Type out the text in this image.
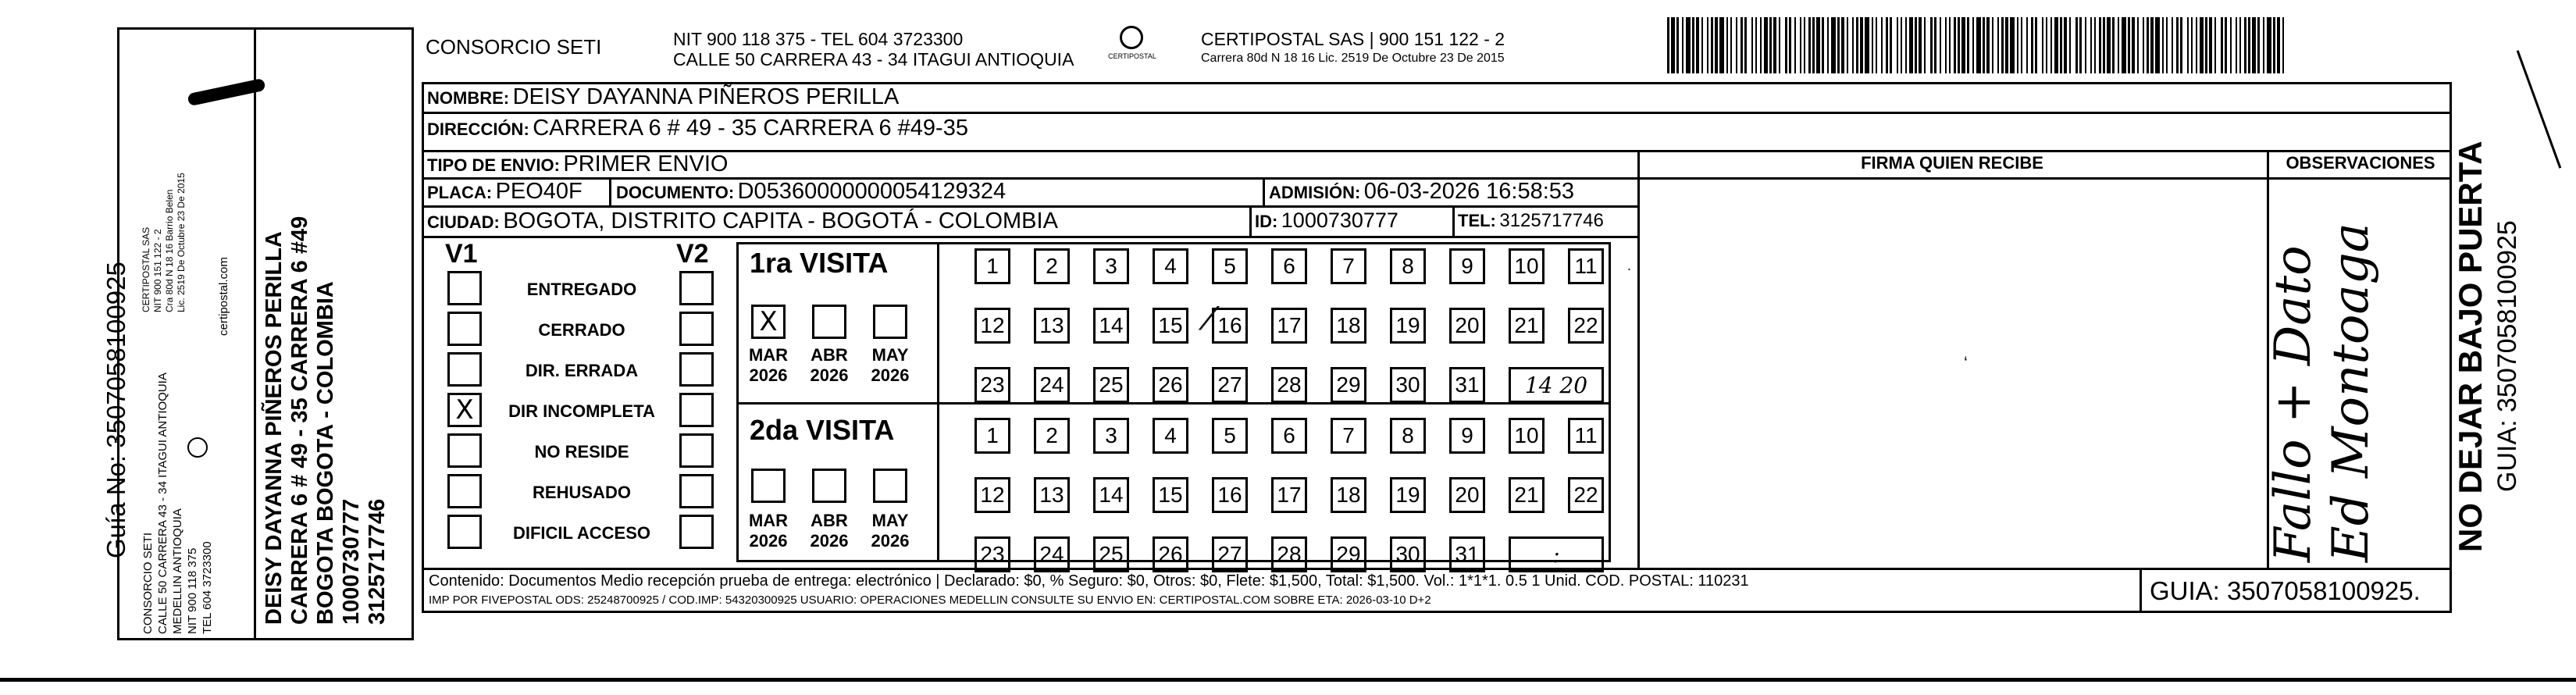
Guía No: 3507058100925
CONSORCIO SETI CALLE 50 CARRERA 43 - 34 ITAGUI ANTIOQUIA MEDELLIN ANTIOQUIA NIT 900 118 375 TEL 604 3723300
CERTIPOSTAL SAS NIT 900 151 122 - 2 Cra 80d N 18 16 Barrio Belen Lic. 2519 De Octubre 23 De 2015	certipostal.com DEISY DAYANNA PIÑEROS PERILLA CARRERA 6 # 49 - 35 CARRERA 6 #49 BOGOTA BOGOTA - COLOMBIA 1000730777 3125717746
CONSORCIO SETI	NIT 900 118 375 - TEL 604 3723300
CALLE 50 CARRERA 43 - 34 ITAGUI ANTIOQUIA	CERTIPOSTAL
CERTIPOSTAL SAS | 900 151 122 - 2
Carrera 80d N 18 16 Lic. 2519 De Octubre 23 De 2015
NOMBRE: DEISY DAYANNA PIÑEROS PERILLA
DIRECCIÓN: CARRERA 6 # 49 - 35 CARRERA 6 #49-35
TIPO DE ENVIO: PRIMER ENVIO	FIRMA QUIEN RECIBE	OBSERVACIONES
PLACA: PEO40F DOCUMENTO: D05360000000054129324	ADMISIÓN: 06-03-2026 16:58:53
CIUDAD: BOGOTA, DISTRITO CAPITA - BOGOTÁ - COLOMBIA	ID: 1000730777	TEL: 3125717746
V1	V2
ENTREGADO
CERRADO
DIR. ERRADA
X	DIR INCOMPLETA
NO RESIDE
REHUSADO
DIFICIL ACCESO
1ra VISITA
2da VISITA
X
MAR
2026
ABR
2026
MAY
2026
MAR
2026
ABR
2026
MAY
2026
1	2	3	4	5	6	7	8	9	10	11
12 13 14 15 16 17 18 19 20 21 22
23 24 25 26 27 28 29 30 31	14 20
1	2	3	4	5	6	7	8	9	10	11
12 13 14 15 16 17 18 19 20 21 22
23 24 25 26 27 28 29 30 31	:
⁄
.
‘	Fallo + Dato Ed Montoaga
Contenido: Documentos Medio recepción prueba de entrega: electrónico | Declarado: $0, % Seguro: $0, Otros: $0, Flete: $1,500, Total: $1,500. Vol.: 1*1*1. 0.5 1 Unid. COD. POSTAL: 110231
IMP POR FIVEPOSTAL ODS: 25248700925 / COD.IMP: 54320300925 USUARIO: OPERACIONES MEDELLIN CONSULTE SU ENVIO EN: CERTIPOSTAL.COM SOBRE ETA: 2026-03-10 D+2	GUIA: 3507058100925.
NO DEJAR BAJO PUERTA GUIA: 3507058100925
